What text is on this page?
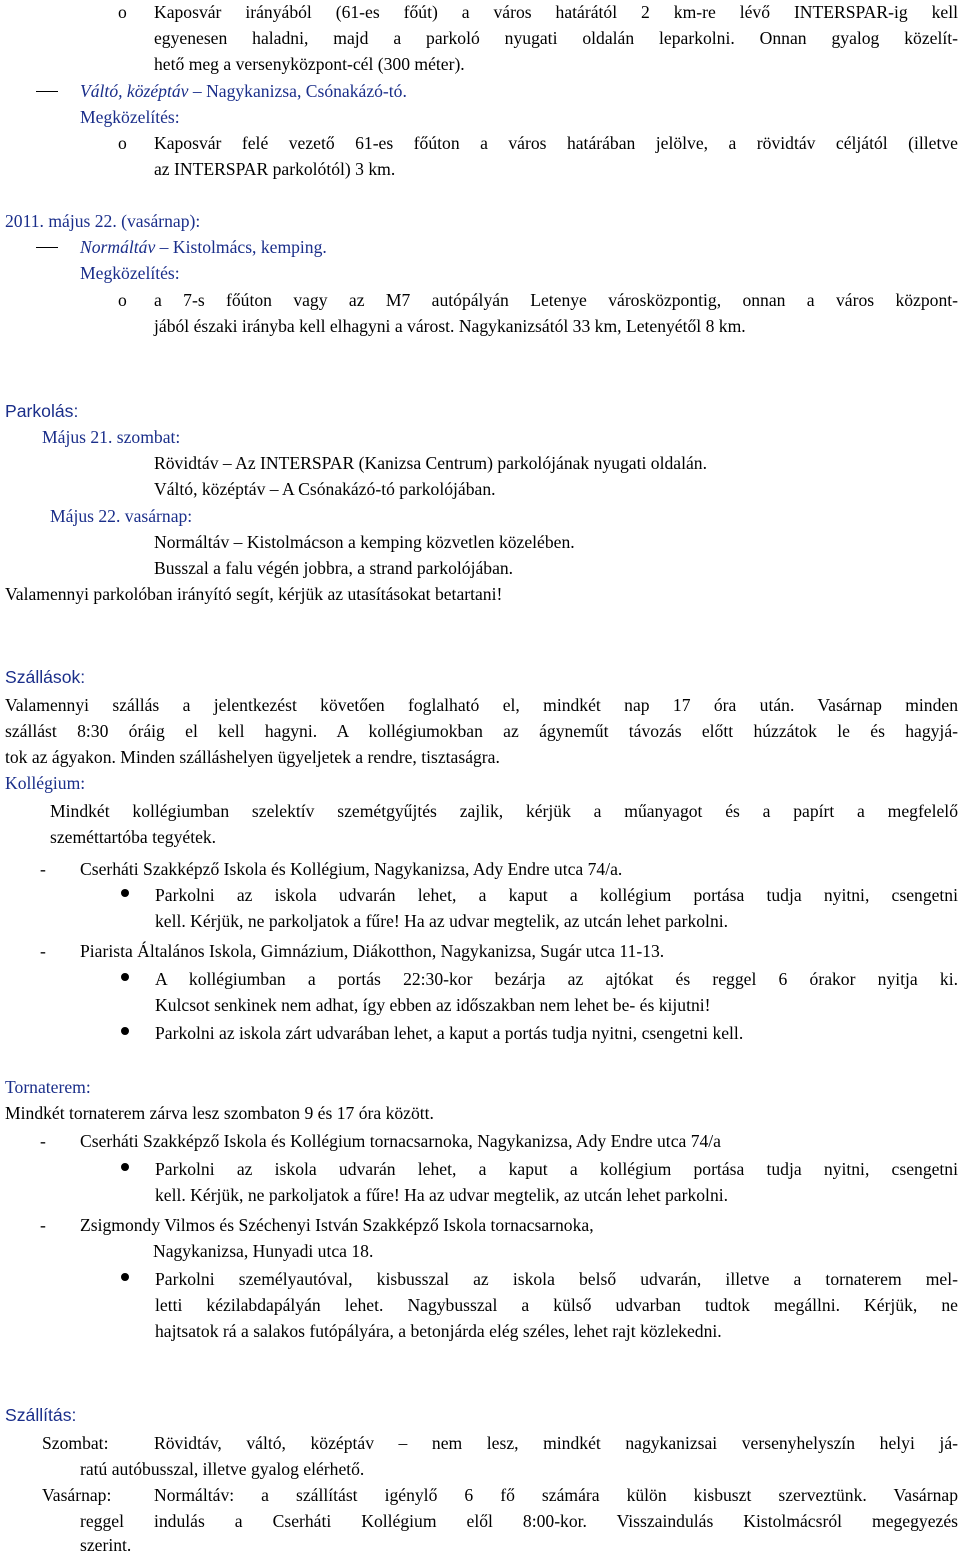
o Kaposvár irányából (61-es főút) a város határától 2 km-re lévő INTERSPAR-ig kell
egyenesen haladni, majd a parkoló nyugati oldalán leparkolni. Onnan gyalog közelít-
hető meg a versenyközpont-cél (300 méter).
Váltó, középtáv – Nagykanizsa, Csónakázó-tó.
Megközelítés:
o Kaposvár felé vezető 61-es főúton a város határában jelölve, a rövidtáv céljától (illetve
az INTERSPAR parkolótól) 3 km.
2011. május 22. (vasárnap):
Normáltáv – Kistolmács, kemping.
Megközelítés:
o a 7-s főúton vagy az M7 autópályán Letenye városközpontig, onnan a város központ-
jából északi irányba kell elhagyni a várost. Nagykanizsától 33 km, Letenyétől 8 km.
Parkolás:
Május 21. szombat:
Rövidtáv – Az INTERSPAR (Kanizsa Centrum) parkolójának nyugati oldalán.
Váltó, középtáv – A Csónakázó-tó parkolójában.
Május 22. vasárnap:
Normáltáv – Kistolmácson a kemping közvetlen közelében.
Busszal a falu végén jobbra, a strand parkolójában.
Valamennyi parkolóban irányító segít, kérjük az utasításokat betartani!
Szállások:
Valamennyi szállás a jelentkezést követően foglalható el, mindkét nap 17 óra után. Vasárnap minden
szállást 8:30 óráig el kell hagyni. A kollégiumokban az ágyneműt távozás előtt húzzátok le és hagyjá-
tok az ágyakon. Minden szálláshelyen ügyeljetek a rendre, tisztaságra.
Kollégium:
Mindkét kollégiumban szelektív szemétgyűjtés zajlik, kérjük a műanyagot és a papírt a megfelelő
szeméttartóba tegyétek.
- Cserháti Szakképző Iskola és Kollégium, Nagykanizsa, Ady Endre utca 74/a.
Parkolni az iskola udvarán lehet, a kaput a kollégium portása tudja nyitni, csengetni
kell. Kérjük, ne parkoljatok a fűre! Ha az udvar megtelik, az utcán lehet parkolni.
- Piarista Általános Iskola, Gimnázium, Diákotthon, Nagykanizsa, Sugár utca 11-13.
A kollégiumban a portás 22:30-kor bezárja az ajtókat és reggel 6 órakor nyitja ki.
Kulcsot senkinek nem adhat, így ebben az időszakban nem lehet be- és kijutni!
Parkolni az iskola zárt udvarában lehet, a kaput a portás tudja nyitni, csengetni kell.
Tornaterem:
Mindkét tornaterem zárva lesz szombaton 9 és 17 óra között.
- Cserháti Szakképző Iskola és Kollégium tornacsarnoka, Nagykanizsa, Ady Endre utca 74/a
Parkolni az iskola udvarán lehet, a kaput a kollégium portása tudja nyitni, csengetni
kell. Kérjük, ne parkoljatok a fűre! Ha az udvar megtelik, az utcán lehet parkolni.
- Zsigmondy Vilmos és Széchenyi István Szakképző Iskola tornacsarnoka,
Nagykanizsa, Hunyadi utca 18.
Parkolni személyautóval, kisbusszal az iskola belső udvarán, illetve a tornaterem mel-
letti kézilabdapályán lehet. Nagybusszal a külső udvarban tudtok megállni. Kérjük, ne
hajtsatok rá a salakos futópályára, a betonjárda elég széles, lehet rajt közlekedni.
Szállítás:
Szombat:	Rövidtáv, váltó, középtáv – nem lesz, mindkét nagykanizsai versenyhelyszín helyi já-
ratú autóbusszal, illetve gyalog elérhető.
Vasárnap: Normáltáv: a szállítást igénylő 6 fő számára külön kisbuszt szerveztünk. Vasárnap
reggel indulás a Cserháti Kollégium elől 8:00-kor. Visszaindulás Kistolmácsról megegyezés
szerint.
